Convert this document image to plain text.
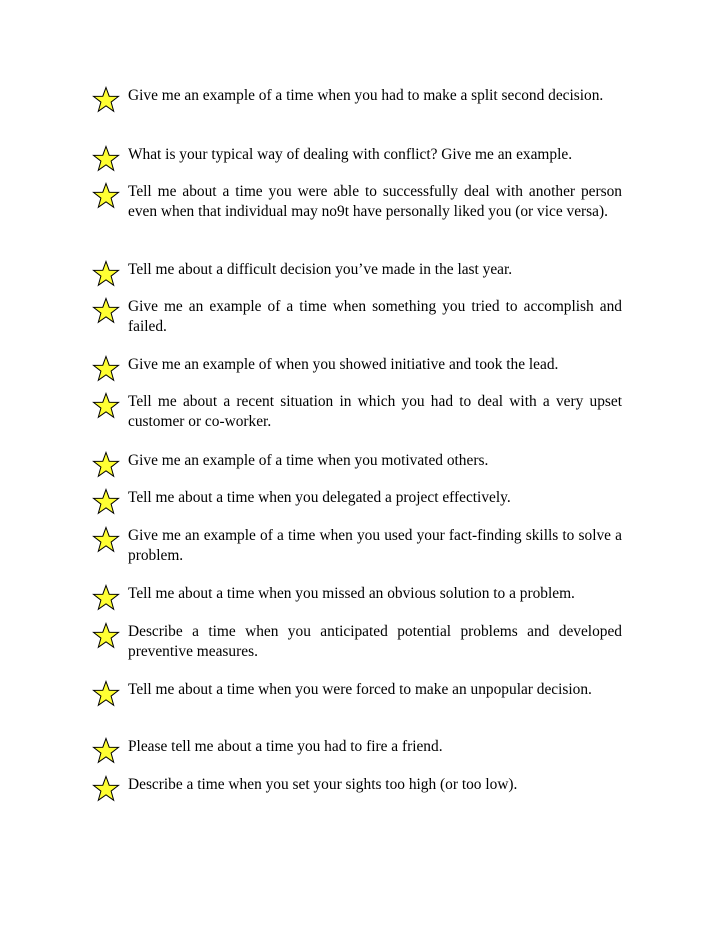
Give me an example of a time when you had to make a split second decision.

What is your typical way of dealing with conflict? Give me an example.

Tell me about a time you were able to successfully deal with another person even when that individual may no9t have personally liked you (or vice versa).

Tell me about a difficult decision you’ve made in the last year.

Give me an example of a time when something you tried to accomplish and failed.

Give me an example of when you showed initiative and took the lead.

Tell me about a recent situation in which you had to deal with a very upset customer or co-worker.

Give me an example of a time when you motivated others.

Tell me about a time when you delegated a project effectively.

Give me an example of a time when you used your fact-finding skills to solve a problem.

Tell me about a time when you missed an obvious solution to a problem.

Describe a time when you anticipated potential problems and developed preventive measures.

Tell me about a time when you were forced to make an unpopular decision.

Please tell me about a time you had to fire a friend.

Describe a time when you set your sights too high (or too low).
